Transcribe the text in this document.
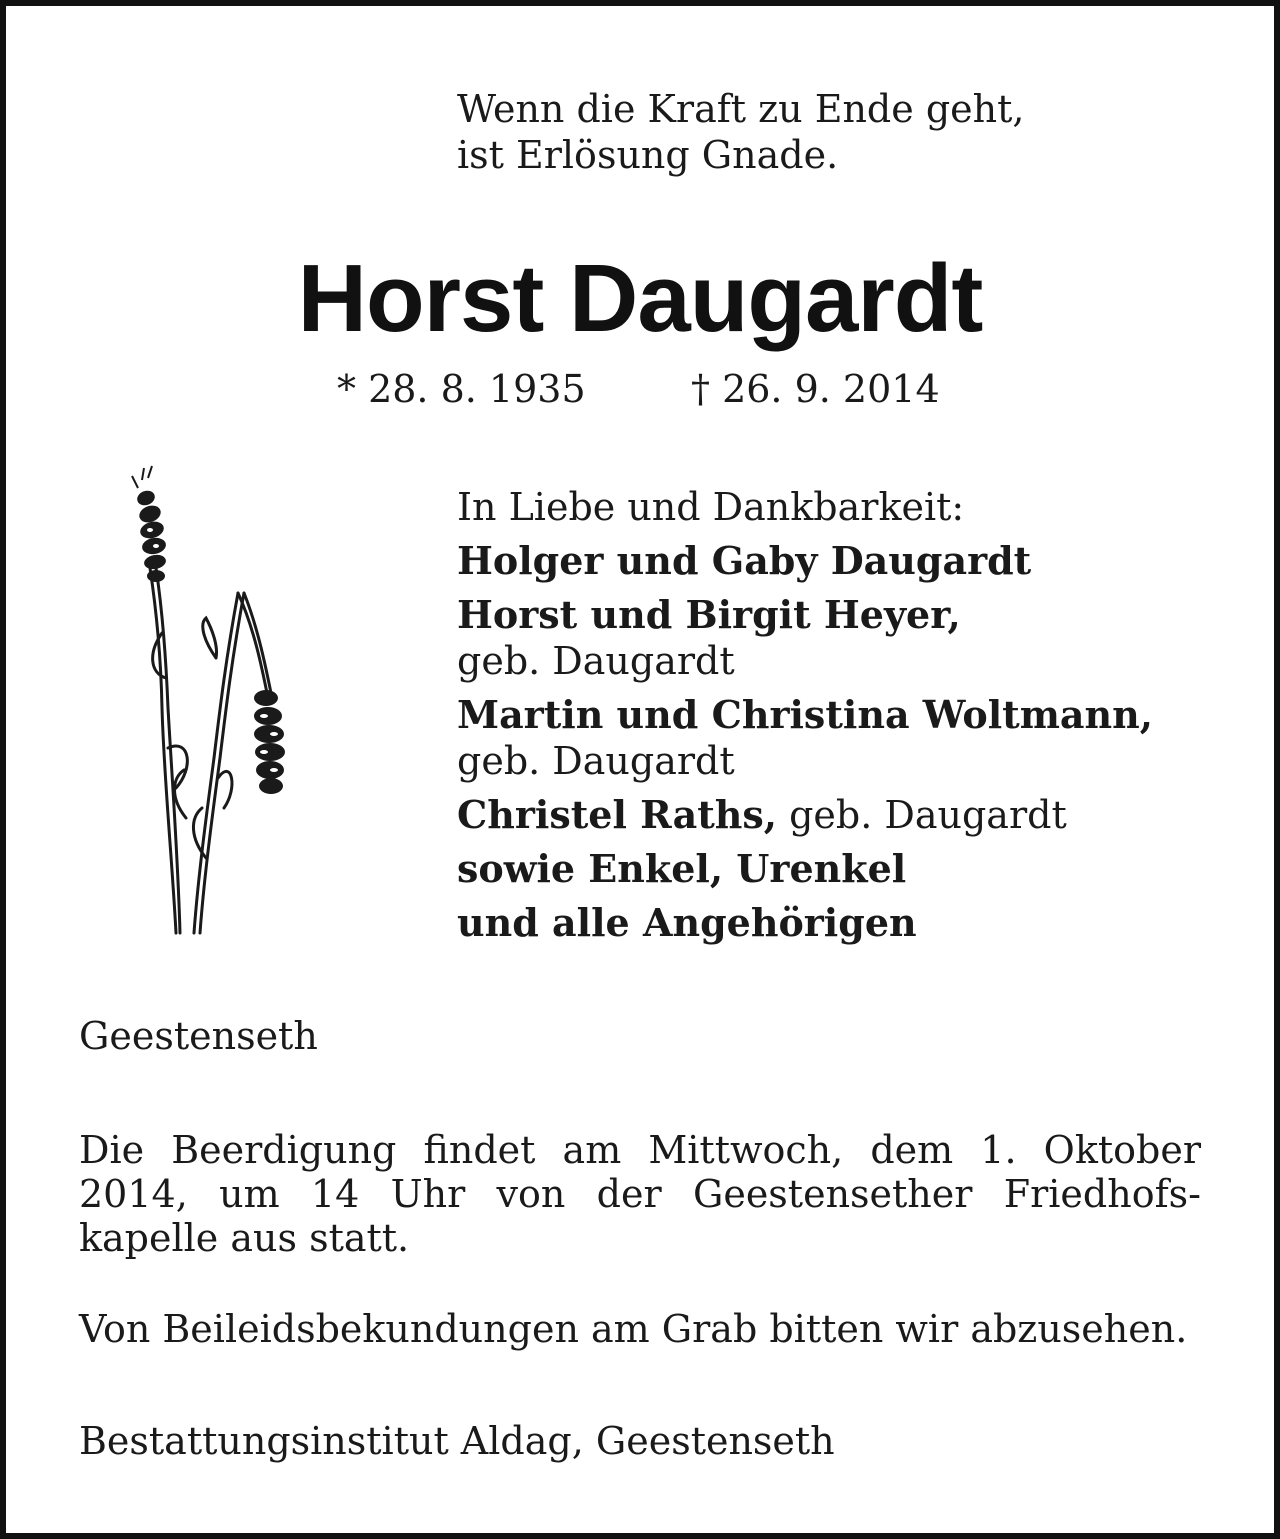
Wenn die Kraft zu Ende geht,
ist Erlösung Gnade.
Horst Daugardt
* 28. 8. 1935	† 26. 9. 2014
In Liebe und Dankbarkeit:
Holger und Gaby Daugardt
Horst und Birgit Heyer,
geb. Daugardt
Martin und Christina Woltmann,
geb. Daugardt
Christel Raths, geb. Daugardt
sowie Enkel, Urenkel
und alle Angehörigen
Geestenseth
Die Beerdigung findet am Mittwoch, dem 1. Oktober
2014, um 14 Uhr von der Geestensether Friedhofs-
kapelle aus statt.
Von Beileidsbekundungen am Grab bitten wir abzusehen.
Bestattungsinstitut Aldag, Geestenseth
